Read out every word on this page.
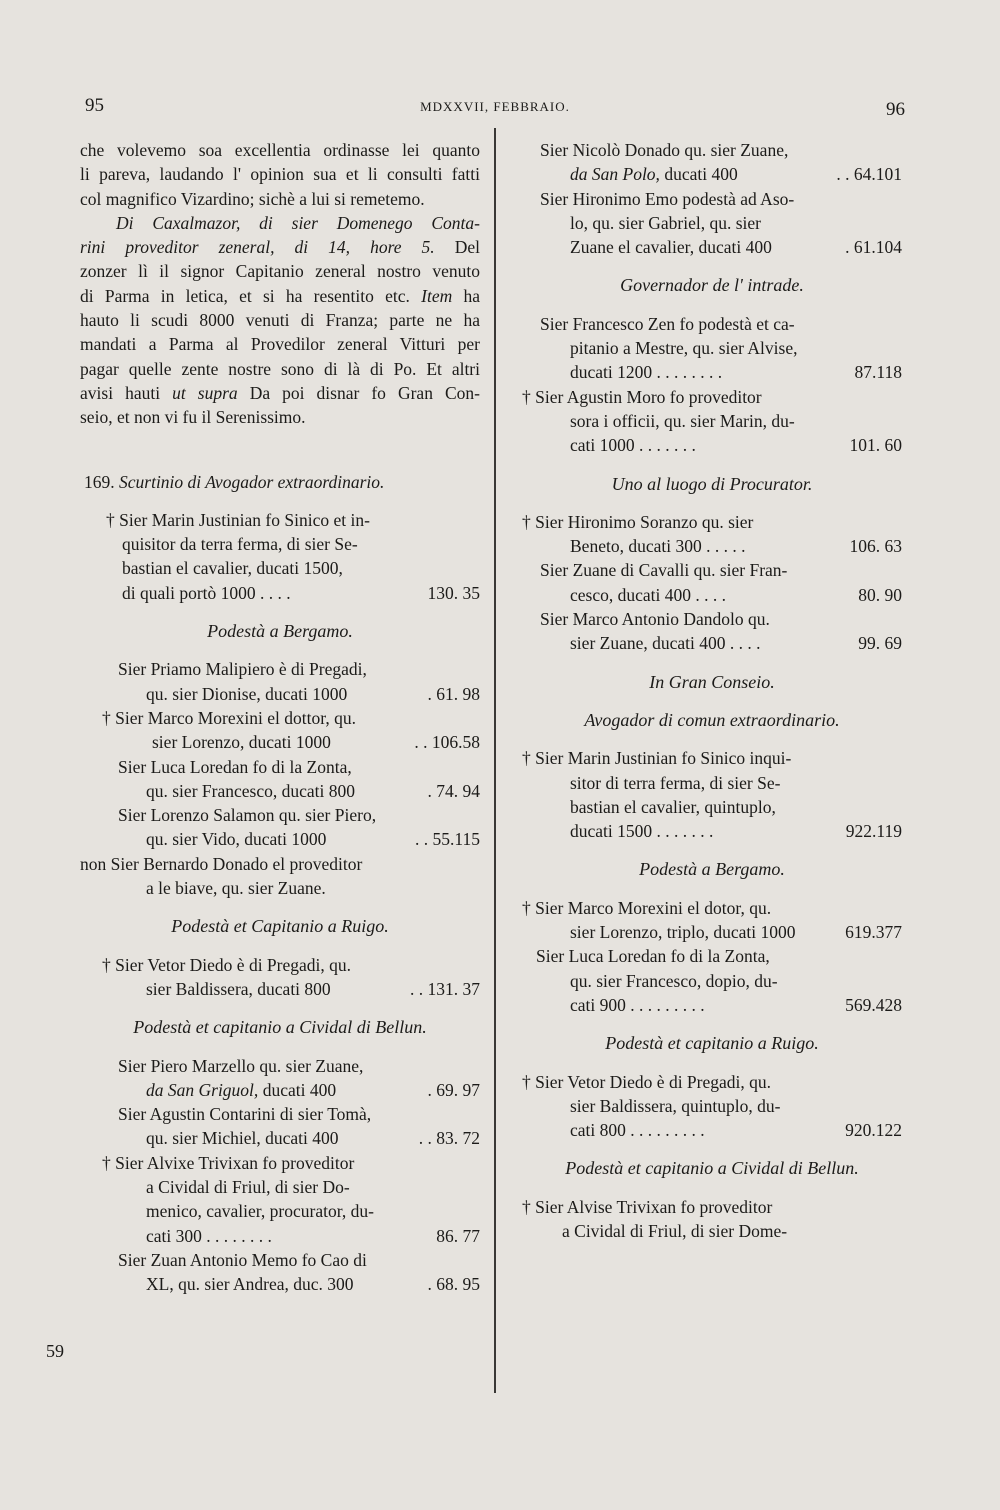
95	MDXXVII, FEBBRAIO.	96
59
che volevemo soa excellentia ordinasse lei quanto
li pareva, laudando l' opinion sua et li consulti fatti
col magnifico Vizardino; sichè a lui si remetemo.
Di Caxalmazor, di sier Domenego Conta-
rini proveditor zeneral, di 14, hore 5. Del
zonzer lì il signor Capitanio zeneral nostro venuto
di Parma in letica, et si ha resentito etc. Item ha
hauto li scudi 8000 venuti di Franza; parte ne ha
mandati a Parma al Provedilor zeneral Vitturi per
pagar quelle zente nostre sono di là di Po. Et altri
avisi hauti ut supra Da poi disnar fo Gran Con-
seio, et non vi fu il Serenissimo.
169. Scurtinio di Avogador extraordinario.
† Sier Marin Justinian fo Sinico et in-
quisitor da terra ferma, di sier Se-
bastian el cavalier, ducati 1500,
di quali portò 1000 . . . .	130. 35
Podestà a Bergamo.
Sier Priamo Malipiero è di Pregadi,
qu. sier Dionise, ducati 1000	. 61. 98
† Sier Marco Morexini el dottor, qu.
sier Lorenzo, ducati 1000	. . 106.58
Sier Luca Loredan fo di la Zonta,
qu. sier Francesco, ducati 800	. 74. 94
Sier Lorenzo Salamon qu. sier Piero,
qu. sier Vido, ducati 1000	. . 55.115
non Sier Bernardo Donado el proveditor
a le biave, qu. sier Zuane.
Podestà et Capitanio a Ruigo.
† Sier Vetor Diedo è di Pregadi, qu.
sier Baldissera, ducati 800	. . 131. 37
Podestà et capitanio a Cividal di Bellun.
Sier Piero Marzello qu. sier Zuane,
da San Griguol, ducati 400	. 69. 97
Sier Agustin Contarini di sier Tomà,
qu. sier Michiel, ducati 400	. . 83. 72
† Sier Alvixe Trivixan fo proveditor
a Cividal di Friul, di sier Do-
menico, cavalier, procurator, du-
cati 300 . . . . . . . .	86. 77
Sier Zuan Antonio Memo fo Cao di
XL, qu. sier Andrea, duc. 300	. 68. 95
Sier Nicolò Donado qu. sier Zuane,
da San Polo, ducati 400	. . 64.101
Sier Hironimo Emo podestà ad Aso-
lo, qu. sier Gabriel, qu. sier
Zuane el cavalier, ducati 400	. 61.104
Governador de l' intrade.
Sier Francesco Zen fo podestà et ca-
pitanio a Mestre, qu. sier Alvise,
ducati 1200 . . . . . . . .	87.118
† Sier Agustin Moro fo proveditor
sora i officii, qu. sier Marin, du-
cati 1000 . . . . . . .	101. 60
Uno al luogo di Procurator.
† Sier Hironimo Soranzo qu. sier
Beneto, ducati 300 . . . . .	106. 63
Sier Zuane di Cavalli qu. sier Fran-
cesco, ducati 400 . . . .	80. 90
Sier Marco Antonio Dandolo qu.
sier Zuane, ducati 400 . . . .	99. 69
In Gran Conseio.
Avogador di comun extraordinario.
† Sier Marin Justinian fo Sinico inqui-
sitor di terra ferma, di sier Se-
bastian el cavalier, quintuplo,
ducati 1500 . . . . . . .	922.119
Podestà a Bergamo.
† Sier Marco Morexini el dotor, qu.
sier Lorenzo, triplo, ducati 1000	619.377
Sier Luca Loredan fo di la Zonta,
qu. sier Francesco, dopio, du-
cati 900 . . . . . . . . .	569.428
Podestà et capitanio a Ruigo.
† Sier Vetor Diedo è di Pregadi, qu.
sier Baldissera, quintuplo, du-
cati 800 . . . . . . . . .	920.122
Podestà et capitanio a Cividal di Bellun.
† Sier Alvise Trivixan fo proveditor
a Cividal di Friul, di sier Dome-
